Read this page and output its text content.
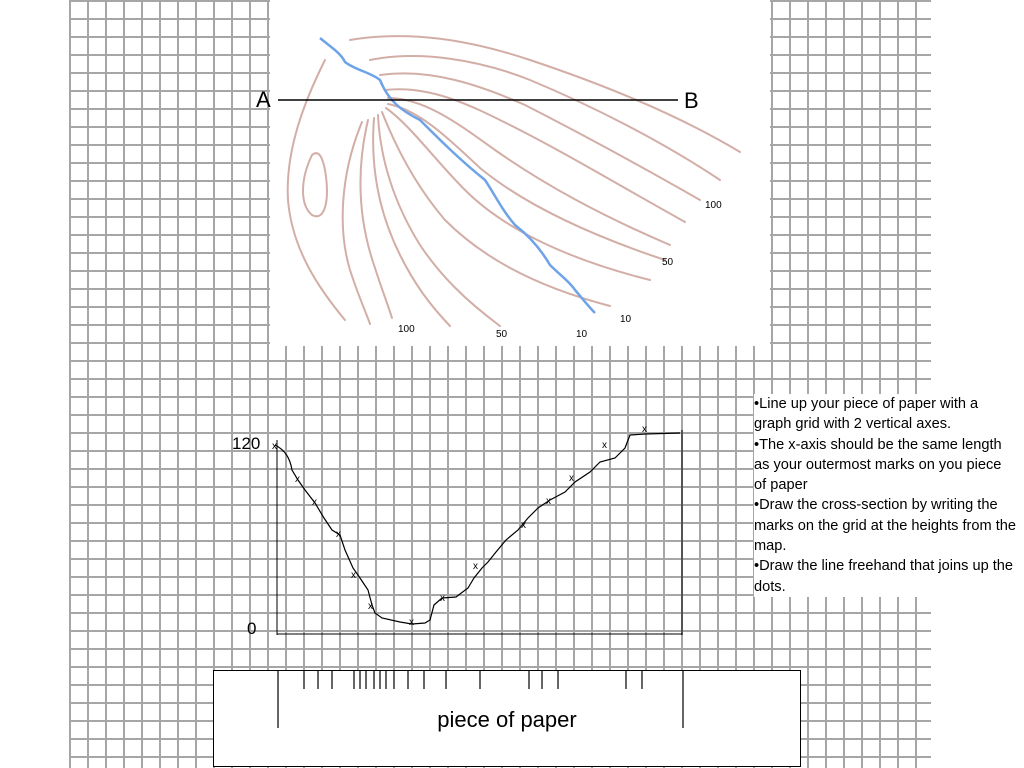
A	B
100
50
10
100	50	10
120
0
x
x
x
x
x
x
x
x
x
x
x
x
x
x

•Line up your piece of paper with a graph grid with 2 vertical axes.

•The x-axis should be the same length as your outermost marks on you piece of paper

•Draw the cross-section by writing the marks on the grid at the heights from the map.

•Draw the line freehand that joins up the dots.

piece of paper
